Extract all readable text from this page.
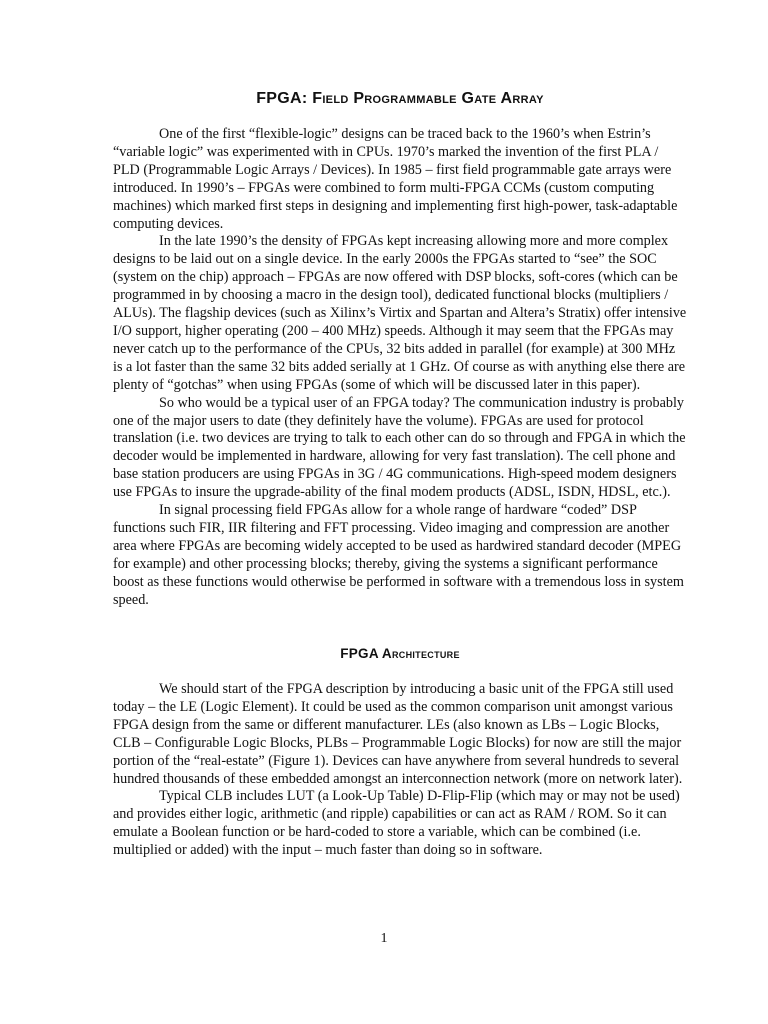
FPGA: Field Programmable Gate Array

One of the first “flexible-logic” designs can be traced back to the 1960’s when Estrin’s “variable logic” was experimented with in CPUs. 1970’s marked the invention of the first PLA / PLD (Programmable Logic Arrays / Devices). In 1985 – first field programmable gate arrays were introduced. In 1990’s – FPGAs were combined to form multi-FPGA CCMs (custom computing machines) which marked first steps in designing and implementing first high-power, task-adaptable computing devices.

In the late 1990’s the density of FPGAs kept increasing allowing more and more complex designs to be laid out on a single device. In the early 2000s the FPGAs started to “see” the SOC (system on the chip) approach – FPGAs are now offered with DSP blocks, soft-cores (which can be programmed in by choosing a macro in the design tool), dedicated functional blocks (multipliers / ALUs). The flagship devices (such as Xilinx’s Virtix and Spartan and Altera’s Stratix) offer intensive I/O support, higher operating (200 – 400 MHz) speeds. Although it may seem that the FPGAs may never catch up to the performance of the CPUs, 32 bits added in parallel (for example) at 300 MHz is a lot faster than the same 32 bits added serially at 1 GHz. Of course as with anything else there are plenty of “gotchas” when using FPGAs (some of which will be discussed later in this paper).

So who would be a typical user of an FPGA today? The communication industry is probably one of the major users to date (they definitely have the volume). FPGAs are used for protocol translation (i.e. two devices are trying to talk to each other can do so through and FPGA in which the decoder would be implemented in hardware, allowing for very fast translation). The cell phone and base station producers are using FPGAs in 3G / 4G communications. High-speed modem designers use FPGAs to insure the upgrade-ability of the final modem products (ADSL, ISDN, HDSL, etc.).

In signal processing field FPGAs allow for a whole range of hardware “coded” DSP functions such FIR, IIR filtering and FFT processing. Video imaging and compression are another area where FPGAs are becoming widely accepted to be used as hardwired standard decoder (MPEG for example) and other processing blocks; thereby, giving the systems a significant performance boost as these functions would otherwise be performed in software with a tremendous loss in system speed.

FPGA Architecture

We should start of the FPGA description by introducing a basic unit of the FPGA still used today – the LE (Logic Element). It could be used as the common comparison unit amongst various FPGA design from the same or different manufacturer. LEs (also known as LBs – Logic Blocks, CLB – Configurable Logic Blocks, PLBs – Programmable Logic Blocks) for now are still the major portion of the “real-estate” (Figure 1). Devices can have anywhere from several hundreds to several hundred thousands of these embedded amongst an interconnection network (more on network later).

Typical CLB includes LUT (a Look-Up Table) D-Flip-Flip (which may or may not be used) and provides either logic, arithmetic (and ripple) capabilities or can act as RAM / ROM. So it can emulate a Boolean function or be hard-coded to store a variable, which can be combined (i.e. multiplied or added) with the input – much faster than doing so in software.

1
